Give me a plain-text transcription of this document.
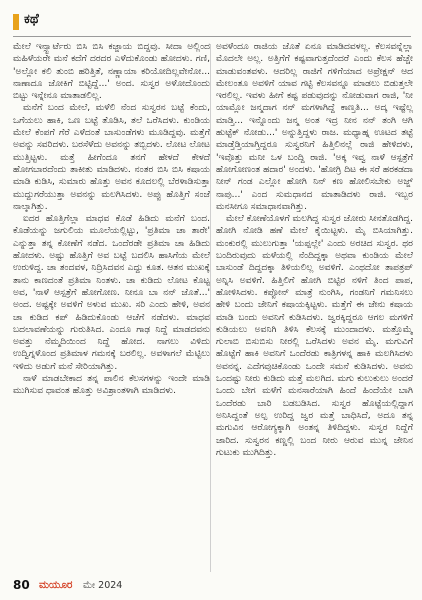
ಕಥೆ

ಮೇಲೆ ಇನ್ಸ್ಟಾರ್ಟೆರು ಬಿಸಿ ಬಿಸಿ ಕಜ್ಜಾಯ ಬಿದ್ದವು. ಸೀದಾ ಅಲ್ಲಿಂದ ಮಹಿಳೆಯರೇ ಮನೆ ಕದೆಗೆ ದರದರ ಎಳೆದುಕೊಂಡು ಹೋದಳು. ಗಣಿ, 'ಅಲ್ಲೋ ಕಲಿ ತುಂಬಿ ಹರಿತ್ತಿತೆ, ನಣ್ಣಾಯಾ ಕರಿಯೋದಿಲ್ಲವೇನೋ... ನಾಣಾದೂ ಜೋಕಿಗೆ ಬಿಟ್ಟಿದ್ದೆ...' ಅಂದ. ಸುಸ್ವರ ಅಳೋದೊಂದು ಬಿಟ್ಟು ಇನ್ನೇನೂ ಮಾತಾಡಲಿಲ್ಲ.

ಮನೆಗೆ ಬಂದ ಮೇಲೆ, ಮಳೆಲಿ ನೆಂದ ಸುಸ್ವರನ ಬಟ್ಟೆ ಕೆಂದು, ಒಗೆಯಲು ಹಾಕಿ, ಒಣ ಬಟ್ಟೆ ತೊಡಿಸಿ, ತಲೆ ಒರೆಸಿದಳು. ಕುಂಡಿಯ ಮೇಲೆ ಕೆಂಪಗೆ ಗೆರೆ ಎಳೆದಂತೆ ಬಾಸುಂಡೆಗಳು ಮೂಡಿದ್ದವು. ಮತ್ತೆಗೆ ಅವನ್ನು ಸವರಿದಳು. ಬರಸೆಳೆದು ಅವನನ್ನು ತಬ್ಬಿದಳು. ಲೋಟ ಲೋಟ ಮುತ್ತಿಟ್ಟಳು. ಮತ್ತೆ ಹೀಗೆಂದೂ ತನಗೆ ಹೇಳದೆ ಕೇಳದೆ ಹೋಗಬಾರದೆಂದು ತಾಕೀತು ಮಾಡಿದಳು. ನಂತರ ಬಿಸಿ ಬಿಸಿ ಕಷಾಯ ಮಾಡಿ ಕುಡಿಸಿ, ಸುಮಾರು ಹೊತ್ತು ಅವನ ಕೂದಲಲ್ಲಿ ಬೆರಳಾಡಿಸುತ್ತಾ ಮುದ್ದುಗರೆಯುತ್ತಾ ಅವನನ್ನು ಮಲಗಿಸಿದಳು. ಅಪ್ಪು ಹೊತ್ತಿಗೆ ಸಂಜೆ ನಾಲ್ಕಾಗಿತ್ತು.

ಐದರ ಹೊತ್ತಿಗೆಲ್ಲಾ ಮಾಧವ ಕೊಡೆ ಹಿಡಿದು ಮನೆಗೆ ಬಂದ. ಕೊಡೆಯನ್ನು ಜಗುಲಿಯ ಮೂಲೆಯಲ್ಲಿಟ್ಟು, 'ಪ್ರತಿಮಾ ಚಾ ತಾರೇ' ಎನ್ನುತ್ತಾ ತನ್ನ ಕೋಣೆಗೆ ನಡೆದ. ಒಂದೆರಡೇ ಪ್ರತಿಮಾ ಚಾ ಹಿಡಿದು ಹೋದಳು. ಅಷ್ಟು ಹೊತ್ತಿಗೆ ಅವ ಬಟ್ಟೆ ಬದಲಿಸಿ ಹಾಸಿಗೆಯ ಮೇಲೆ ಉರುಳಿದ್ದ. ಚಾ ತಂದವಳ, ನಿದ್ರಿಸಿದವನ ಎದ್ದು ಕೂತ. ಆತನ ಮುಖಕ್ಕೆ ತಾನು ಕಾಣದಂತೆ ಪ್ರತಿಮಾ ನಿಂತಳು. ಚಾ ಕುಡಿದು ಲೋಟ ಕೊಟ್ಟ ಅವ, 'ನಾಳೆ ಆಸ್ಪತ್ರೆಗೆ ಹೋಗೋಣ. ನೀನೂ ಬಾ ನನ್ ಜೊತೆ...' ಅಂದ. ಅಷ್ಟಕ್ಕೇ ಅವಳಿಗೆ ಅಳುವ ಮುಖ. ಸರಿ ಎಂದು ಹೇಳಿ, ಅವನ ಚಾ ಕುಡಿದ ಕಪ್ ಹಿಡಿದುಕೊಂಡು ಆಚೆಗೆ ನಡೆದಳು. ಮಾಧವ ಬದಲಾವಣೆಯನ್ನು ಗುರುತಿಸಿದ. ಎಂದೂ ಗಾಢ ನಿದ್ದೆ ಮಾಡದವನು ಅವತ್ತು ನೆಮ್ಮದಿಯಿಂದ ನಿದ್ದೆ ಹೋದ. ನಾಗಲು ವಿಳಿದು ಉದ್ವಿಗ್ನಳೊಂದ ಪ್ರತಿಮಾಳ ಗಮನಕ್ಕೆ ಬರಲಿಲ್ಲ. ಅವಳಾಗಲೆ ಮೆಟ್ಟಿಲು ಇಳಿದು ಅಡುಗೆ ಮನೆ ಸೇರಿಯಾಗಿತ್ತು.

ನಾಳೆ ಮಾಡಬೇಕಾದ ತನ್ನ ಪಾಲಿನ ಕೆಲಸಗಳನ್ನು ಇಂದೇ ಮಾಡಿ ಮುಗಿಸುವ ಧಾವಂತ ಹೊತ್ತು ಅವಿಶ್ರಾಂತಳಾಗಿ ಮಾಡಿದಳು.

ಅವಳೆಂದೂ ರಾಜಿಯ ಜೊತೆ ಏನೂ ಮಾಡಿದವಳಲ್ಲ. ಕೆಲಸವನ್ನೆಲ್ಲಾ ಮೊದಲೇ ಅಲ್ಲ. ಅತ್ತಿಗೆಗೆ ಕಷ್ಟವಾಗುತ್ತದೆಂದರೆ ಎಂದು ಕೆಲಸ ಹೆಚ್ಚೇ ಮಾಡುವಂತವಳು. ಆದರಿಲ್ಲ ರಾಜಿಗೆ ಗಳಿಗೆಯಾದ ಅಪ್ರೇಕ್ಷನ್ ಆದ ಮೇಲಂತೂ ಅವಳಿಗೆ ಯಾವ ಗಟ್ಟಿ ಕೆಲಸವನ್ನೂ ಮಾಡಲು ಬಿಡುತ್ತಲೇ ಇರಲಿಲ್ಲ. ಇವಳು ಹೀಗೆ ಕಷ್ಟ ಪಡುವುದನ್ನು ನೋಡುವಾಗ ರಾಜಿ, 'ನೀ ಯಾಮ್ಲೋ ಜನ್ಮದಾಗ ನನ್ ಮಗಳಾಗಿದ್ದೆ ಕಾಣ್ತತಿ... ಅದ್ಕ ಇಷ್ಟೆಲ್ಲ ಮಾಡ್ತಿ... ಇನ್ನೊಂದು ಜನ್ಮ ಅಂತ ಇದ್ರ ನೀನ ನನ್ ತಂಗಿ ಆಗಿ ಹುಟ್ಟೆಕ್ ನೋಡು...' ಅನ್ನುತ್ತಿದ್ದಳು ರಾಜ. ಮಧ್ಯಾಹ್ನ ಊಟದ ತಟ್ಟೆ ಮಾಡ್ತೆಡ್ತಿಯಾಗ್ತಿದ್ದರೂ ಸುಸ್ವರನಿಗೆ ಹಿತ್ತಿಲಿನಲ್ಲೆ ರಾಜಿ ಹೇಳಿದಳು, 'ಇವೊತ್ತು ಮನೀ ಒಳ ಬಂದ್ದಿ ರಾಜಿ. 'ಅಕ್ಕ ಇವ್ವ ನಾಳೆ ಆಸ್ಪತ್ರೆಗೆ ಹೋಗೋಣಂತ ಹದಾರ' ಅಂದಳು. 'ಹೋಗ್ರಿ ದಿಟ ಈ ಸರೆ ಹರಕಡದಾ ನೀನ್ ಗಂಡ ಎಲ್ಲೋ ಹೋಗಿ ನಿನ್ ಕಣ ಹೋಲಿಸಬೇಕು ಅಜ್ಜ್ ನಾಪು...' ಎಂದ ಸುಮಧಾನದ ಮಾತಾಡಿದಳು ರಾಜಿ. ಇಬ್ಬರ ಮನಸೀಗೂ ಸಮಾಧಾನವಾಗಿತ್ತು.

ಮೇಲೆ ಕೋಣೆಯೊಳಗೆ ಮಲಗಿದ್ದ ಸುಸ್ವರ ಜೋರು ಸೀನತೊಡಗಿದ್ದ. ಹೋಗಿ ನೋಡಿ ಹಣೆ ಮೇಲೆ ಕೈಯಿಟ್ಟಳು. ಮೈ ಬಿಸಿಯಾಗಿತ್ತು. ಮಂಕುರಲ್ಲಿ ಮುಲುಗುತ್ತಾ 'ಯಪ್ಪಲ್ಲೇ' ಎಂದು ಅರಚಿದ ಸುಸ್ವರ. ಥರ ಬಂದಿರುವುದು ಮಳೆಯಲ್ಲಿ ನೆಂದಿದ್ದಕ್ಕಾ ಅಥವಾ ಕುಂಡಿಯ ಮೇಲೆ ಬಾಸುಂಡೆ ದಿದ್ದದಕ್ಕಾ ತಿಳಿಯಲಿಲ್ಲ ಅವಳಿಗೆ. ಎಂಥದೋ ತಾಪತ್ರಪ್ ಅನ್ನಿಸಿ ಅವಳಿಗೆ. ಹಿತ್ತಿಲಿಗೆ ಹೋಗಿ ಬಿಟ್ಟಿರ ನಳಿಗೆ ತಿಂದ ಪಾಪ, ಹೋಳಿಸಿದಳು. ಕಪ್ಪೋನ್ ಮಾತ್ರೆ ನುಂಗಿಸಿ, ಗಂಡನಿಗೆ ಗಮನಿಸಲು ಹೇಳಿ ಬಂದು ಜೇನಿಗೆ ಕಷಾಯಕ್ಕಿಟ್ಟಳು. ಮತ್ತೆಗೆ ಈ ಜೇನು ಕಷಾಯ ಮಾಡಿ ಬಂದು ಅವನಿಗೆ ಕುಡಿಸಿದಳು. ಜ್ವರಕ್ಕಿದ್ದರೂ ಆಗಲ ಮಗಳಿಗೆ ಕುಡಿಯಲು ಅವನಿಗಿ ತಿಳಿಸಿ ಕೆಲಸಕ್ಕೆ ಮುಂದಾದಳು. ಮತ್ತೊಮ್ಮೆ ಗುಲಾಬಿ ಬಿಸುಬಿಸು ನೀರಲ್ಲಿ ಒರೆಸಿದಳು ಅವನ ಮೈ. ಮಗುವಿಗೆ ಹೊಟ್ಟೆಗೆ ಹಾಕಿ ಅವನಿಗೆ ಒಂದೆರಡು ಕಾತ್ರಿಗಳನ್ನ ಹಾಕಿ ಮಲಗಿಸಿದಳು ಅವನನ್ನ. ಎದೆಗವುಚಿಕೊಂಡು ಒಂದೇ ಸಮನೆ ಕುಡಿಸಿದಳು. ಅವನು ಒಂದಷ್ಟು ನೀರು ಕುಡಿದು ಮತ್ತೆ ಮಲಗಿದ. ಮಗು ಕುಲುಕುಲು ಅಂದರೆ ಒಂದು ಬೇಗ ಮಳೆಗೆ ಮನಸಾರೆಯಾಗಿ ಹಿಂದೆ ಹಿಂದೆಯೇ ಬಾಗಿ ಒಂದೆರಡು ಬಾರಿ ಬಡಬಡಿಸಿದ. ಸುಸ್ವರ ಹೊಟ್ಟೆಯಲ್ಲಿದ್ದಾಗ ಅನಿಸಿದ್ದಂತೆ ಅಲ್ಪ ಉರಿದ್ದ ಜ್ವರ ಮತ್ತೆ ಬಾಧಿಸಿದೆ, ಅದೂ ತನ್ನ ಮಗುವಿನ ಆರೋಗ್ಯಕ್ಕಾಗಿ ಅಂತನ್ನ ತಿಳಿದಿದ್ದಳು. ಸುಸ್ವರ ನಿದ್ದೆಗೆ ಜಾರಿದ. ಸುಸ್ವರನ ಕಣ್ಣಲ್ಲಿ ಬಂದ ನೀರು ಆರುವ ಮುನ್ನ ಜೇನಿನ ಗುಟುಕು ಮುಗಿದಿತ್ತು.

80 ಮಯೂರ ಮೇ 2024
